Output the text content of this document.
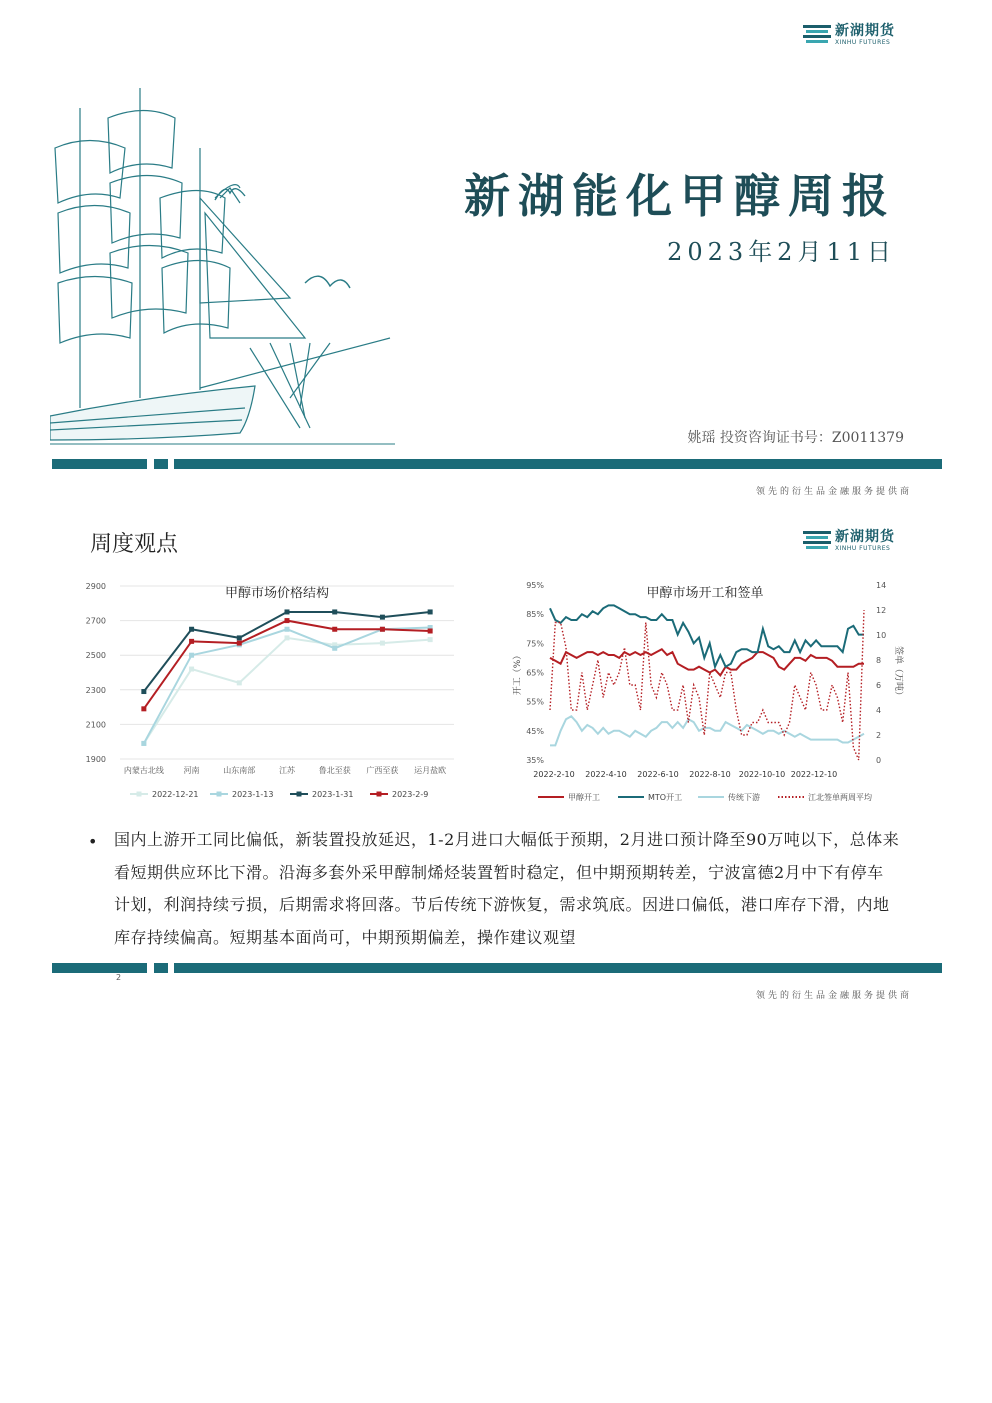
新湖期货
XINHU FUTURES
新湖能化甲醇周报
2023年2月11日
姚瑶 投资咨询证书号：Z0011379
领先的衍生品金融服务提供商
周度观点	新湖期货
XINHU FUTURES
甲醇市场价格结构
1900
2100
2300
2500
2700
2900
内蒙古北线 河南	山东南部	江苏	鲁北至获 广西至获 运月盐欧
2022-12-21	2023-1-13	2023-1-31	2023-2-9
甲醇市场开工和签单
35%
45%
55%
65%
75%
85%
95%
0
2
4
6
8
10
12
14
2022-2-10 2022-4-10 2022-6-10 2022-8-10 2022-10-10 2022-12-10
开工（%）	签单（万吨）
甲醇开工	MTO开工	传统下游	江北签单两周平均
• 国内上游开工同比偏低，新装置投放延迟，1-2月进口大幅低于预期，2月进口预计降至90万吨以下，总体来看短期供应环比下滑。沿海多套外采甲醇制烯烃装置暂时稳定，但中期预期转差，宁波富德2月中下有停车计划，利润持续亏损，后期需求将回落。节后传统下游恢复，需求筑底。因进口偏低，港口库存下滑，内地库存持续偏高。短期基本面尚可，中期预期偏差，操作建议观望
2
领先的衍生品金融服务提供商
